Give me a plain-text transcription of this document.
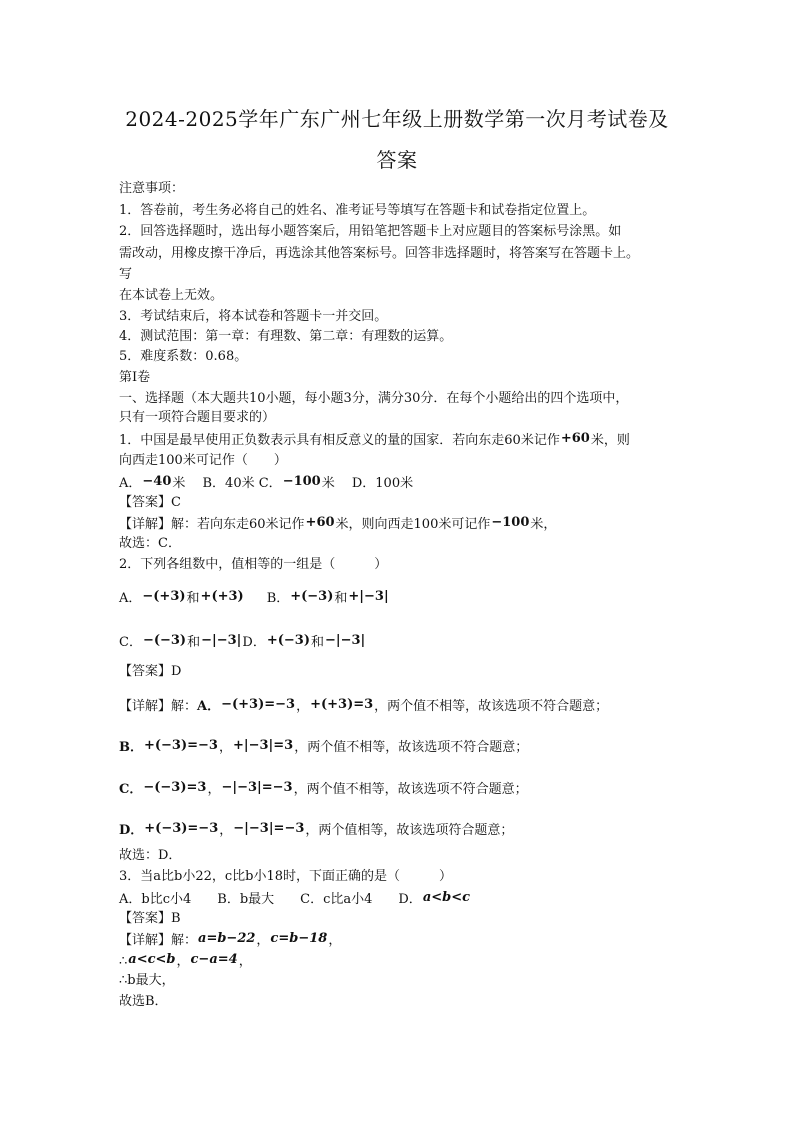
2024-2025学年广东广州七年级上册数学第一次月考试卷及
答案
注意事项：
1．答卷前，考生务必将自己的姓名、准考证号等填写在答题卡和试卷指定位置上。
2．回答选择题时，选出每小题答案后，用铅笔把答题卡上对应题目的答案标号涂黑。如
需改动，用橡皮擦干净后，再选涂其他答案标号。回答非选择题时，将答案写在答题卡上。
写
在本试卷上无效。
3．考试结束后，将本试卷和答题卡一并交回。
4．测试范围：第一章：有理数、第二章：有理数的运算。
5．难度系数：0.68。
第Ⅰ卷
一、选择题（本大题共10小题，每小题3分，满分30分．在每个小题给出的四个选项中，
只有一项符合题目要求的）
1．中国是最早使用正负数表示具有相反意义的量的国家．若向东走60米记作+60米，则
向西走100米可记作（　　）
A．−40米　 B．40米 C．−100米　 D．100米
【答案】C
【详解】解：若向东走60米记作+60米，则向西走100米可记作−100米，
故选：C．
2．下列各组数中，值相等的一组是（　　　）
A．−(+3)和+(+3) B．+(−3)和+|−3|
C．−(−3)和−|−3|D．+(−3)和−|−3|
【答案】D
【详解】解：A．−(+3)=−3，+(+3)=3，两个值不相等，故该选项不符合题意；
B．+(−3)=−3，+|−3|=3，两个值不相等，故该选项不符合题意；
C．−(−3)=3，−|−3|=−3，两个值不相等，故该选项不符合题意；
D．+(−3)=−3，−|−3|=−3，两个值相等，故该选项符合题意；
故选：D．
3．当a比b小22，c比b小18时，下面正确的是（　　　）
A．b比c小4　　B．b最大　　C．c比a小4　　D．a<b<c
【答案】B
【详解】解：a=b−22，c=b−18，
∴a<c<b，c−a=4，
∴b最大，
故选B．
